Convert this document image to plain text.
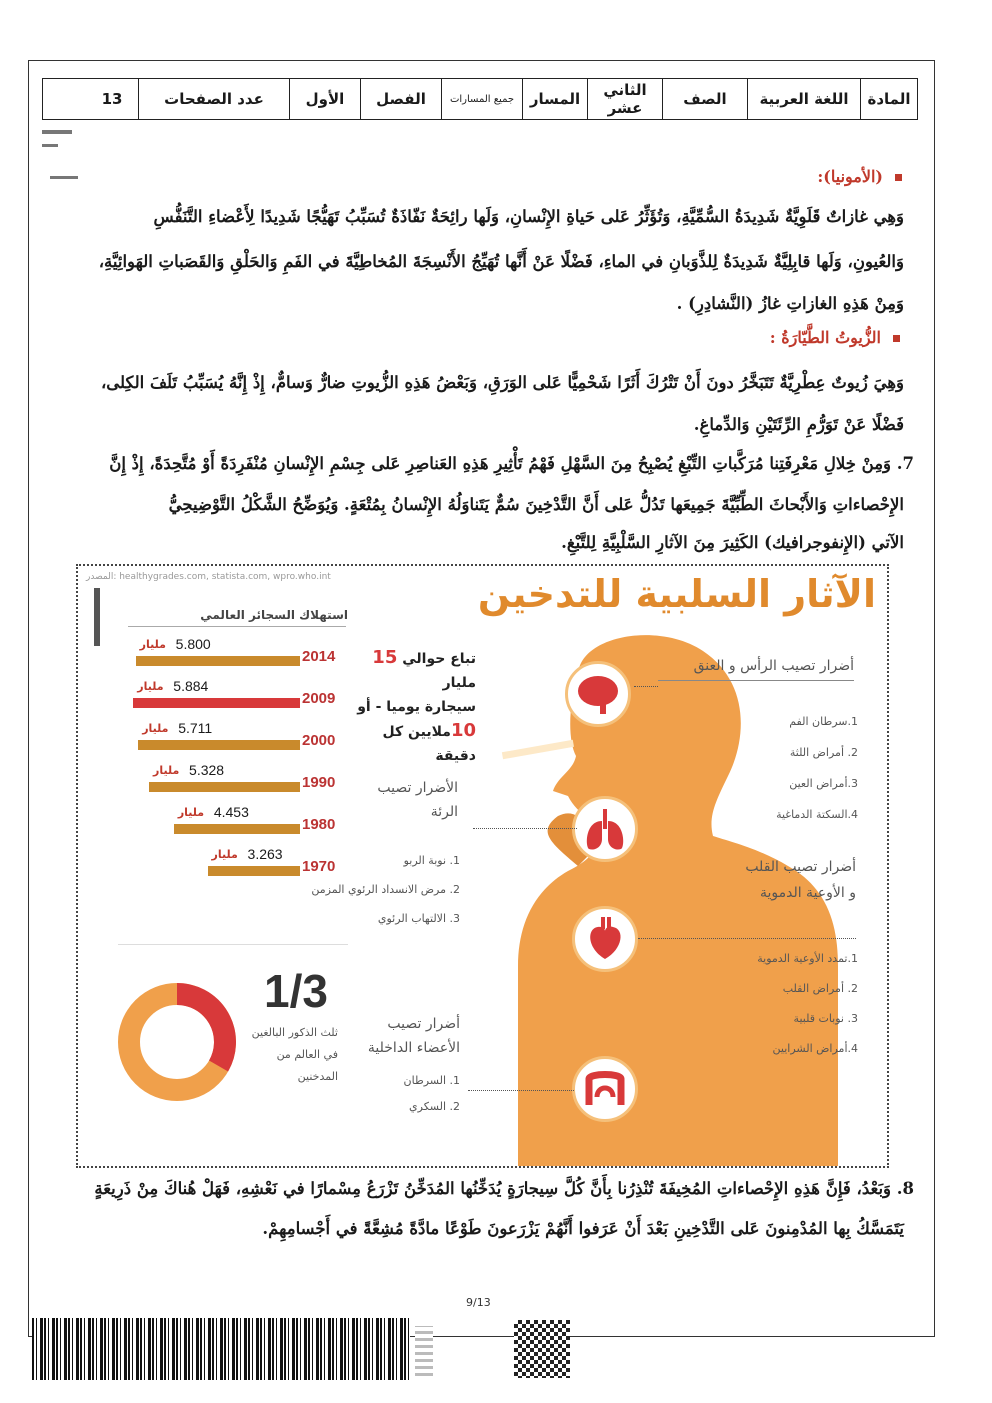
المادة
اللغة العربية
الصف
الثاني عشر
المسار
جميع المسارات
الفصل
الأول
عدد الصفحات
13
(الأمونيا):
وَهِي غازاتٌ قَلَوِيَّةٌ شَدِيدَةُ السُّمِّيَّةِ، وَتُؤَثِّرُ عَلى حَياةِ الإِنْسانِ، وَلَها رائِحَةٌ نَفّاذَةٌ تُسَبِّبُ تَهَيُّجًا شَدِيدًا لِأَعْضاءِ التَّنَفُّسِ
وَالعُيونِ، وَلَها قابِلِيَّةٌ شَدِيدَةٌ لِلذَّوَبانِ في الماءِ، فَضْلًا عَنْ أَنَّها تُهَيِّجُ الأَنْسِجَةَ المُخاطِيَّةَ في الفَمِ وَالحَلْقِ وَالقَصَباتِ الهَوائِيَّةِ،
وَمِنْ هَذِهِ الغازاتِ غازُ (النَّشادِرِ) .
الزُّيوتُ الطَّيّارَةُ :
وَهِيَ زُيوتٌ عِطْرِيَّةٌ تَتَبَخَّرُ دونَ أَنْ تَتْرُكَ أَثَرًا شَحْمِيًّا عَلى الوَرَقِ، وَبَعْضُ هَذِهِ الزُّيوتِ ضارٌّ وَسامٌّ، إِذْ إِنَّهُ يُسَبِّبُ تَلَفَ الكِلى،
فَضْلًا عَنْ تَوَرُّمِ الرِّئَتَيْنِ وَالدِّماغِ.
7. وَمِنْ خِلالِ مَعْرِفَتِنا مُرَكَّباتِ التِّبْغِ يُصْبِحُ مِنَ السَّهْلِ فَهْمُ تَأْثِيرِ هَذِهِ العَناصِرِ عَلى جِسْمِ الإِنْسانِ مُنْفَرِدَةً أَوْ مُتَّحِدَةً، إِذْ إِنَّ
الإِحْصاءاتِ وَالأَبْحاثَ الطِّبِّيَّةَ جَمِيعَها تَدُلُّ عَلى أَنَّ التَّدْخِينَ سُمٌّ يَتَناوَلُهُ الإِنْسانُ بِمُتْعَةٍ. وَيُوَضِّحُ الشَّكْلُ التَّوْضِيحِيُّ
الآتي (الإِنفوجرافيك) الكَثِيرَ مِنَ الآثارِ السَّلْبِيَّةِ لِلتَّبْغِ.
المصدر: healthygrades.com, statista.com, wpro.who.int
استهلاك السجائر العالمي
2014
5.800
مليار
2009
5.884
مليار
2000
5.711
مليار
1990
5.328
مليار
1980
4.453
مليار
1970
3.263
مليار
1/3
ثلث الذكور البالغين في العالم من المدخنين
الآثار السلبية للتدخين
تباع حوالي 15 مليار
سيجارة يوميا - أو
10ملايين كل دقيقة
الأضرار تصيب الرئة
1. نوبة الربو
2. مرض الانسداد الرئوي المزمن
3. الالتهاب الرئوي
أضرار تصيب الأعضاء الداخلية
1. السرطان
2. السكري
أضرار تصيب الرأس و العنق
1.سرطان الفم
2. أمراض اللثة
3.أمراض العين
4.السكتة الدماغية
أضرار تصيب القلب و الأوعية الدموية
1.تمدد الأوعية الدموية
2. أمراض القلب
3. نوبات قلبية
4.أمراض الشرايين
8. وَبَعْدُ، فَإِنَّ هَذِهِ الإِحْصاءاتِ المُخِيفَةَ تُنْذِرُنا بِأَنَّ كُلَّ سِيجارَةٍ يُدَخِّنُها المُدَخِّنُ تَزْرَعُ مِسْمارًا في نَعْشِهِ، فَهَلْ هُناكَ مِنْ ذَرِيعَةٍ
يَتَمَسَّكُ بِها المُدْمِنونَ عَلى التَّدْخِينِ بَعْدَ أَنْ عَرَفوا أَنَّهُمْ يَزْرَعونَ طَوْعًا مادَّةً مُشِعَّةً في أَجْسامِهِمْ.
9/13
